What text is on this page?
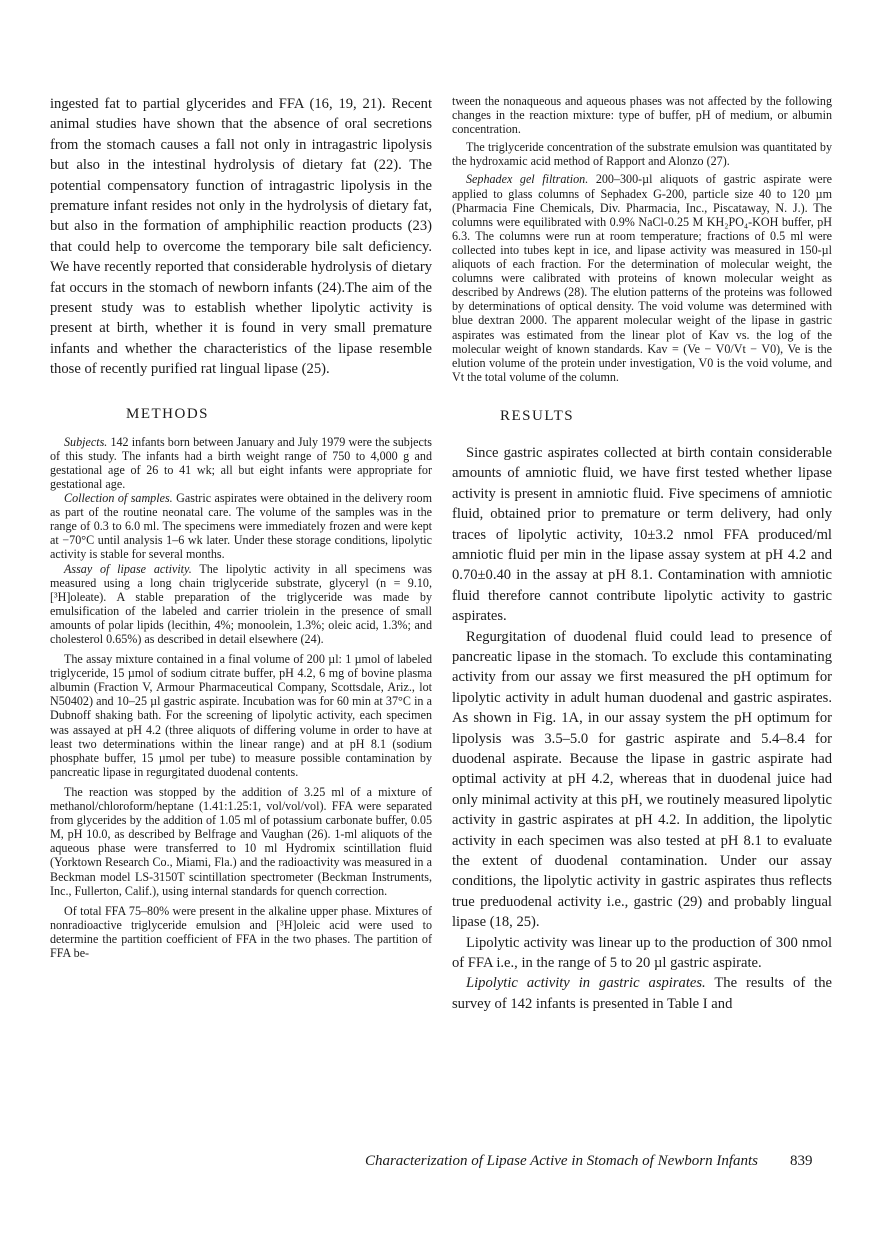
ingested fat to partial glycerides and FFA (16, 19, 21). Recent animal studies have shown that the absence of oral secretions from the stomach causes a fall not only in intragastric lipolysis but also in the intestinal hydrolysis of dietary fat (22). The potential compensatory function of intragastric lipolysis in the premature infant resides not only in the hydrolysis of dietary fat, but also in the formation of amphiphilic reaction products (23) that could help to overcome the temporary bile salt deficiency. We have recently reported that considerable hydrolysis of dietary fat occurs in the stomach of newborn infants (24).The aim of the present study was to establish whether lipolytic activity is present at birth, whether it is found in very small premature infants and whether the characteristics of the lipase resemble those of recently purified rat lingual lipase (25).

METHODS

Subjects. 142 infants born between January and July 1979 were the subjects of this study. The infants had a birth weight range of 750 to 4,000 g and gestational age of 26 to 41 wk; all but eight infants were appropriate for gestational age.

Collection of samples. Gastric aspirates were obtained in the delivery room as part of the routine neonatal care. The volume of the samples was in the range of 0.3 to 6.0 ml. The specimens were immediately frozen and were kept at −70°C until analysis 1–6 wk later. Under these storage conditions, lipolytic activity is stable for several months.

Assay of lipase activity. The lipolytic activity in all specimens was measured using a long chain triglyceride substrate, glyceryl (n = 9.10, [³H]oleate). A stable preparation of the triglyceride was made by emulsification of the labeled and carrier triolein in the presence of small amounts of polar lipids (lecithin, 4%; monoolein, 1.3%; oleic acid, 1.3%; and cholesterol 0.65%) as described in detail elsewhere (24).

The assay mixture contained in a final volume of 200 µl: 1 µmol of labeled triglyceride, 15 µmol of sodium citrate buffer, pH 4.2, 6 mg of bovine plasma albumin (Fraction V, Armour Pharmaceutical Company, Scottsdale, Ariz., lot N50402) and 10–25 µl gastric aspirate. Incubation was for 60 min at 37°C in a Dubnoff shaking bath. For the screening of lipolytic activity, each specimen was assayed at pH 4.2 (three aliquots of differing volume in order to have at least two determinations within the linear range) and at pH 8.1 (sodium phosphate buffer, 15 µmol per tube) to measure possible contamination by pancreatic lipase in regurgitated duodenal contents.

The reaction was stopped by the addition of 3.25 ml of a mixture of methanol/chloroform/heptane (1.41:1.25:1, vol/vol/vol). FFA were separated from glycerides by the addition of 1.05 ml of potassium carbonate buffer, 0.05 M, pH 10.0, as described by Belfrage and Vaughan (26). 1-ml aliquots of the aqueous phase were transferred to 10 ml Hydromix scintillation fluid (Yorktown Research Co., Miami, Fla.) and the radioactivity was measured in a Beckman model LS-3150T scintillation spectrometer (Beckman Instruments, Inc., Fullerton, Calif.), using internal standards for quench correction.

Of total FFA 75–80% were present in the alkaline upper phase. Mixtures of nonradioactive triglyceride emulsion and [³H]oleic acid were used to determine the partition coefficient of FFA in the two phases. The partition of FFA be-

tween the nonaqueous and aqueous phases was not affected by the following changes in the reaction mixture: type of buffer, pH of medium, or albumin concentration.

The triglyceride concentration of the substrate emulsion was quantitated by the hydroxamic acid method of Rapport and Alonzo (27).

Sephadex gel filtration. 200–300-µl aliquots of gastric aspirate were applied to glass columns of Sephadex G-200, particle size 40 to 120 µm (Pharmacia Fine Chemicals, Div. Pharmacia, Inc., Piscataway, N. J.). The columns were equilibrated with 0.9% NaCl-0.25 M KH₂PO₄-KOH buffer, pH 6.3. The columns were run at room temperature; fractions of 0.5 ml were collected into tubes kept in ice, and lipase activity was measured in 150-µl aliquots of each fraction. For the determination of molecular weight, the columns were calibrated with proteins of known molecular weight as described by Andrews (28). The elution patterns of the proteins was followed by determinations of optical density. The void volume was determined with blue dextran 2000. The apparent molecular weight of the lipase in gastric aspirates was estimated from the linear plot of Kav vs. the log of the molecular weight of known standards. Kav = (Ve − V0/Vt − V0), Ve is the elution volume of the protein under investigation, V0 is the void volume, and Vt the total volume of the column.

RESULTS

Since gastric aspirates collected at birth contain considerable amounts of amniotic fluid, we have first tested whether lipase activity is present in amniotic fluid. Five specimens of amniotic fluid, obtained prior to premature or term delivery, had only traces of lipolytic activity, 10±3.2 nmol FFA produced/ml amniotic fluid per min in the lipase assay system at pH 4.2 and 0.70±0.40 in the assay at pH 8.1. Contamination with amniotic fluid therefore cannot contribute lipolytic activity to gastric aspirates.

Regurgitation of duodenal fluid could lead to presence of pancreatic lipase in the stomach. To exclude this contaminating activity from our assay we first measured the pH optimum for lipolytic activity in adult human duodenal and gastric aspirates. As shown in Fig. 1A, in our assay system the pH optimum for lipolysis was 3.5–5.0 for gastric aspirate and 5.4–8.4 for duodenal aspirate. Because the lipase in gastric aspirate had optimal activity at pH 4.2, whereas that in duodenal juice had only minimal activity at this pH, we routinely measured lipolytic activity in gastric aspirates at pH 4.2. In addition, the lipolytic activity in each specimen was also tested at pH 8.1 to evaluate the extent of duodenal contamination. Under our assay conditions, the lipolytic activity in gastric aspirates thus reflects true preduodenal activity i.e., gastric (29) and probably lingual lipase (18, 25).

Lipolytic activity was linear up to the production of 300 nmol of FFA i.e., in the range of 5 to 20 µl gastric aspirate.

Lipolytic activity in gastric aspirates. The results of the survey of 142 infants is presented in Table I and

Characterization of Lipase Active in Stomach of Newborn Infants 839
